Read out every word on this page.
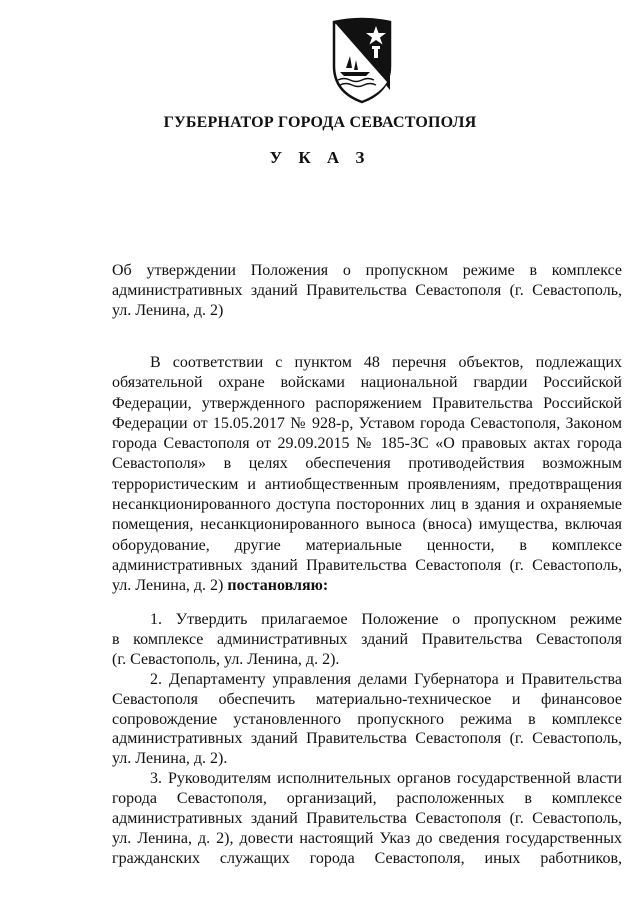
ГУБЕРНАТОР ГОРОДА СЕВАСТОПОЛЯ
У К А З
Об утверждении Положения о пропускном режиме в комплексе
административных зданий Правительства Севастополя (г. Севастополь,
ул. Ленина, д. 2)
В соответствии с пунктом 48 перечня объектов, подлежащих
обязательной охране войсками национальной гвардии Российской
Федерации, утвержденного распоряжением Правительства Российской
Федерации от 15.05.2017 № 928-р, Уставом города Севастополя, Законом
города Севастополя от 29.09.2015 № 185-ЗС «О правовых актах города
Севастополя» в целях обеспечения противодействия возможным
террористическим и антиобщественным проявлениям, предотвращения
несанкционированного доступа посторонних лиц в здания и охраняемые
помещения, несанкционированного выноса (вноса) имущества, включая
оборудование, другие материальные ценности, в комплексе
административных зданий Правительства Севастополя (г. Севастополь,
ул. Ленина, д. 2) постановляю:
1. Утвердить прилагаемое Положение о пропускном режиме
в комплексе административных зданий Правительства Севастополя
(г. Севастополь, ул. Ленина, д. 2).
2. Департаменту управления делами Губернатора и Правительства
Севастополя обеспечить материально-техническое и финансовое
сопровождение установленного пропускного режима в комплексе
административных зданий Правительства Севастополя (г. Севастополь,
ул. Ленина, д. 2).
3. Руководителям исполнительных органов государственной власти
города Севастополя, организаций, расположенных в комплексе
административных зданий Правительства Севастополя (г. Севастополь,
ул. Ленина, д. 2), довести настоящий Указ до сведения государственных
гражданских служащих города Севастополя, иных работников,
